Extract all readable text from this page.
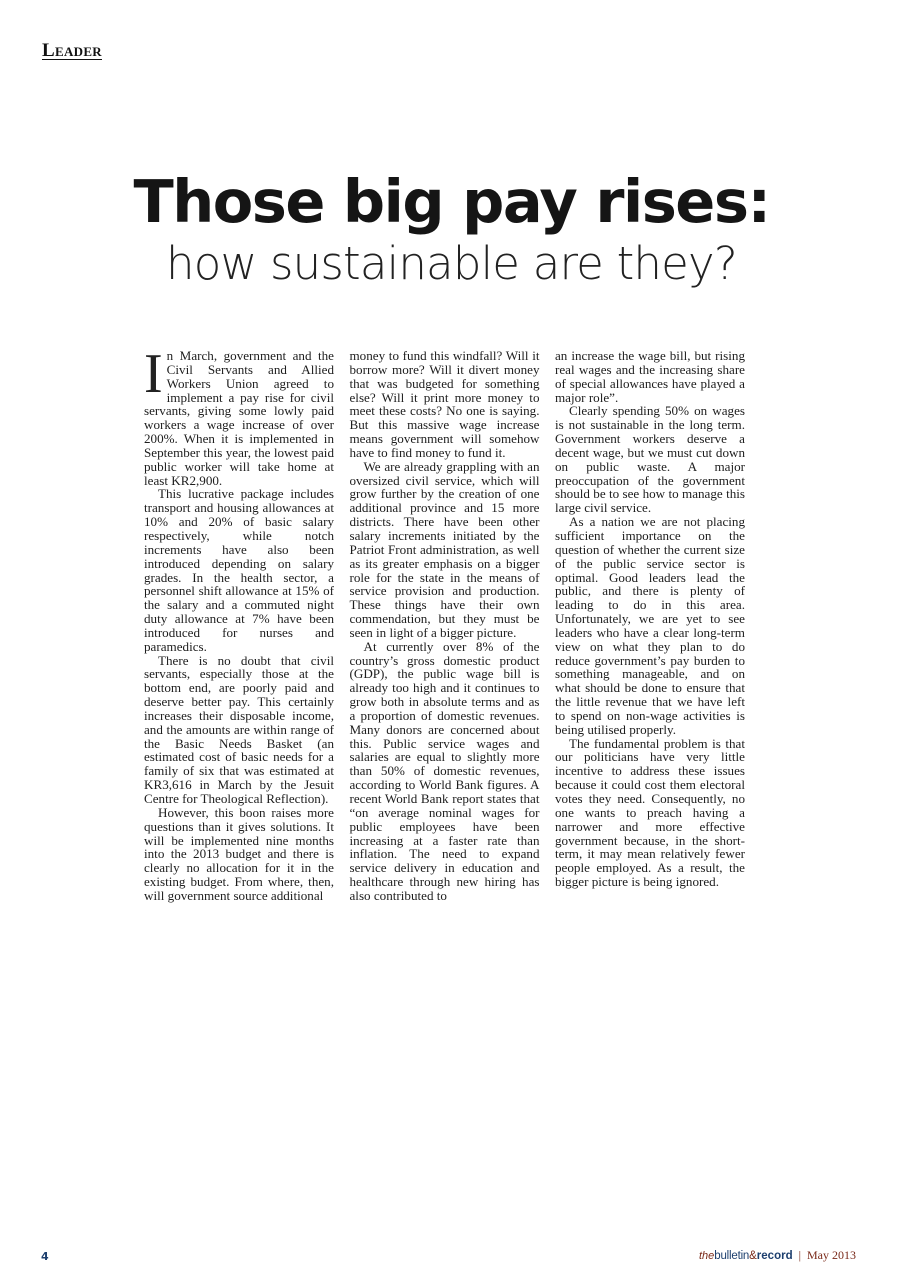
Leader
Those big pay rises:
how sustainable are they?

In March, government and the Civil Servants and Allied Workers Union agreed to implement a pay rise for civil servants, giving some lowly paid workers a wage increase of over 200%. When it is implemented in September this year, the lowest paid public worker will take home at least KR2,900.

This lucrative package includes transport and housing allowances at 10% and 20% of basic salary respectively, while notch increments have also been introduced depending on salary grades. In the health sector, a personnel shift allowance at 15% of the salary and a commuted night duty allowance at 7% have been introduced for nurses and paramedics.

There is no doubt that civil servants, especially those at the bottom end, are poorly paid and deserve better pay. This certainly increases their disposable income, and the amounts are within range of the Basic Needs Basket (an estimated cost of basic needs for a family of six that was estimated at KR3,616 in March by the Jesuit Centre for Theological Reflection).

However, this boon raises more questions than it gives solutions. It will be implemented nine months into the 2013 budget and there is clearly no allocation for it in the existing budget. From where, then, will government source additional

money to fund this windfall? Will it borrow more? Will it divert money that was budgeted for something else? Will it print more money to meet these costs? No one is saying. But this massive wage increase means government will somehow have to find money to fund it.

We are already grappling with an oversized civil service, which will grow further by the creation of one additional province and 15 more districts. There have been other salary increments initiated by the Patriot Front administration, as well as its greater emphasis on a bigger role for the state in the means of service provision and production. These things have their own commendation, but they must be seen in light of a bigger picture.

At currently over 8% of the country’s gross domestic product (GDP), the public wage bill is already too high and it continues to grow both in absolute terms and as a proportion of domestic revenues. Many donors are concerned about this. Public service wages and salaries are equal to slightly more than 50% of domestic revenues, according to World Bank figures. A recent World Bank report states that “on average nominal wages for public employees have been increasing at a faster rate than inflation. The need to expand service delivery in education and healthcare through new hiring has also contributed to

an increase the wage bill, but rising real wages and the increasing share of special allowances have played a major role”.

Clearly spending 50% on wages is not sustainable in the long term. Government workers deserve a decent wage, but we must cut down on public waste. A major preoccupation of the government should be to see how to manage this large civil service.

As a nation we are not placing sufficient importance on the question of whether the current size of the public service sector is optimal. Good leaders lead the public, and there is plenty of leading to do in this area. Unfortunately, we are yet to see leaders who have a clear long-term view on what they plan to do reduce government’s pay burden to something manageable, and on what should be done to ensure that the little revenue that we have left to spend on non-wage activities is being utilised properly.

The fundamental problem is that our politicians have very little incentive to address these issues because it could cost them electoral votes they need. Consequently, no one wants to preach having a narrower and more effective government because, in the short-term, it may mean relatively fewer people employed. As a result, the bigger picture is being ignored.

4	thebulletin&record | May 2013
